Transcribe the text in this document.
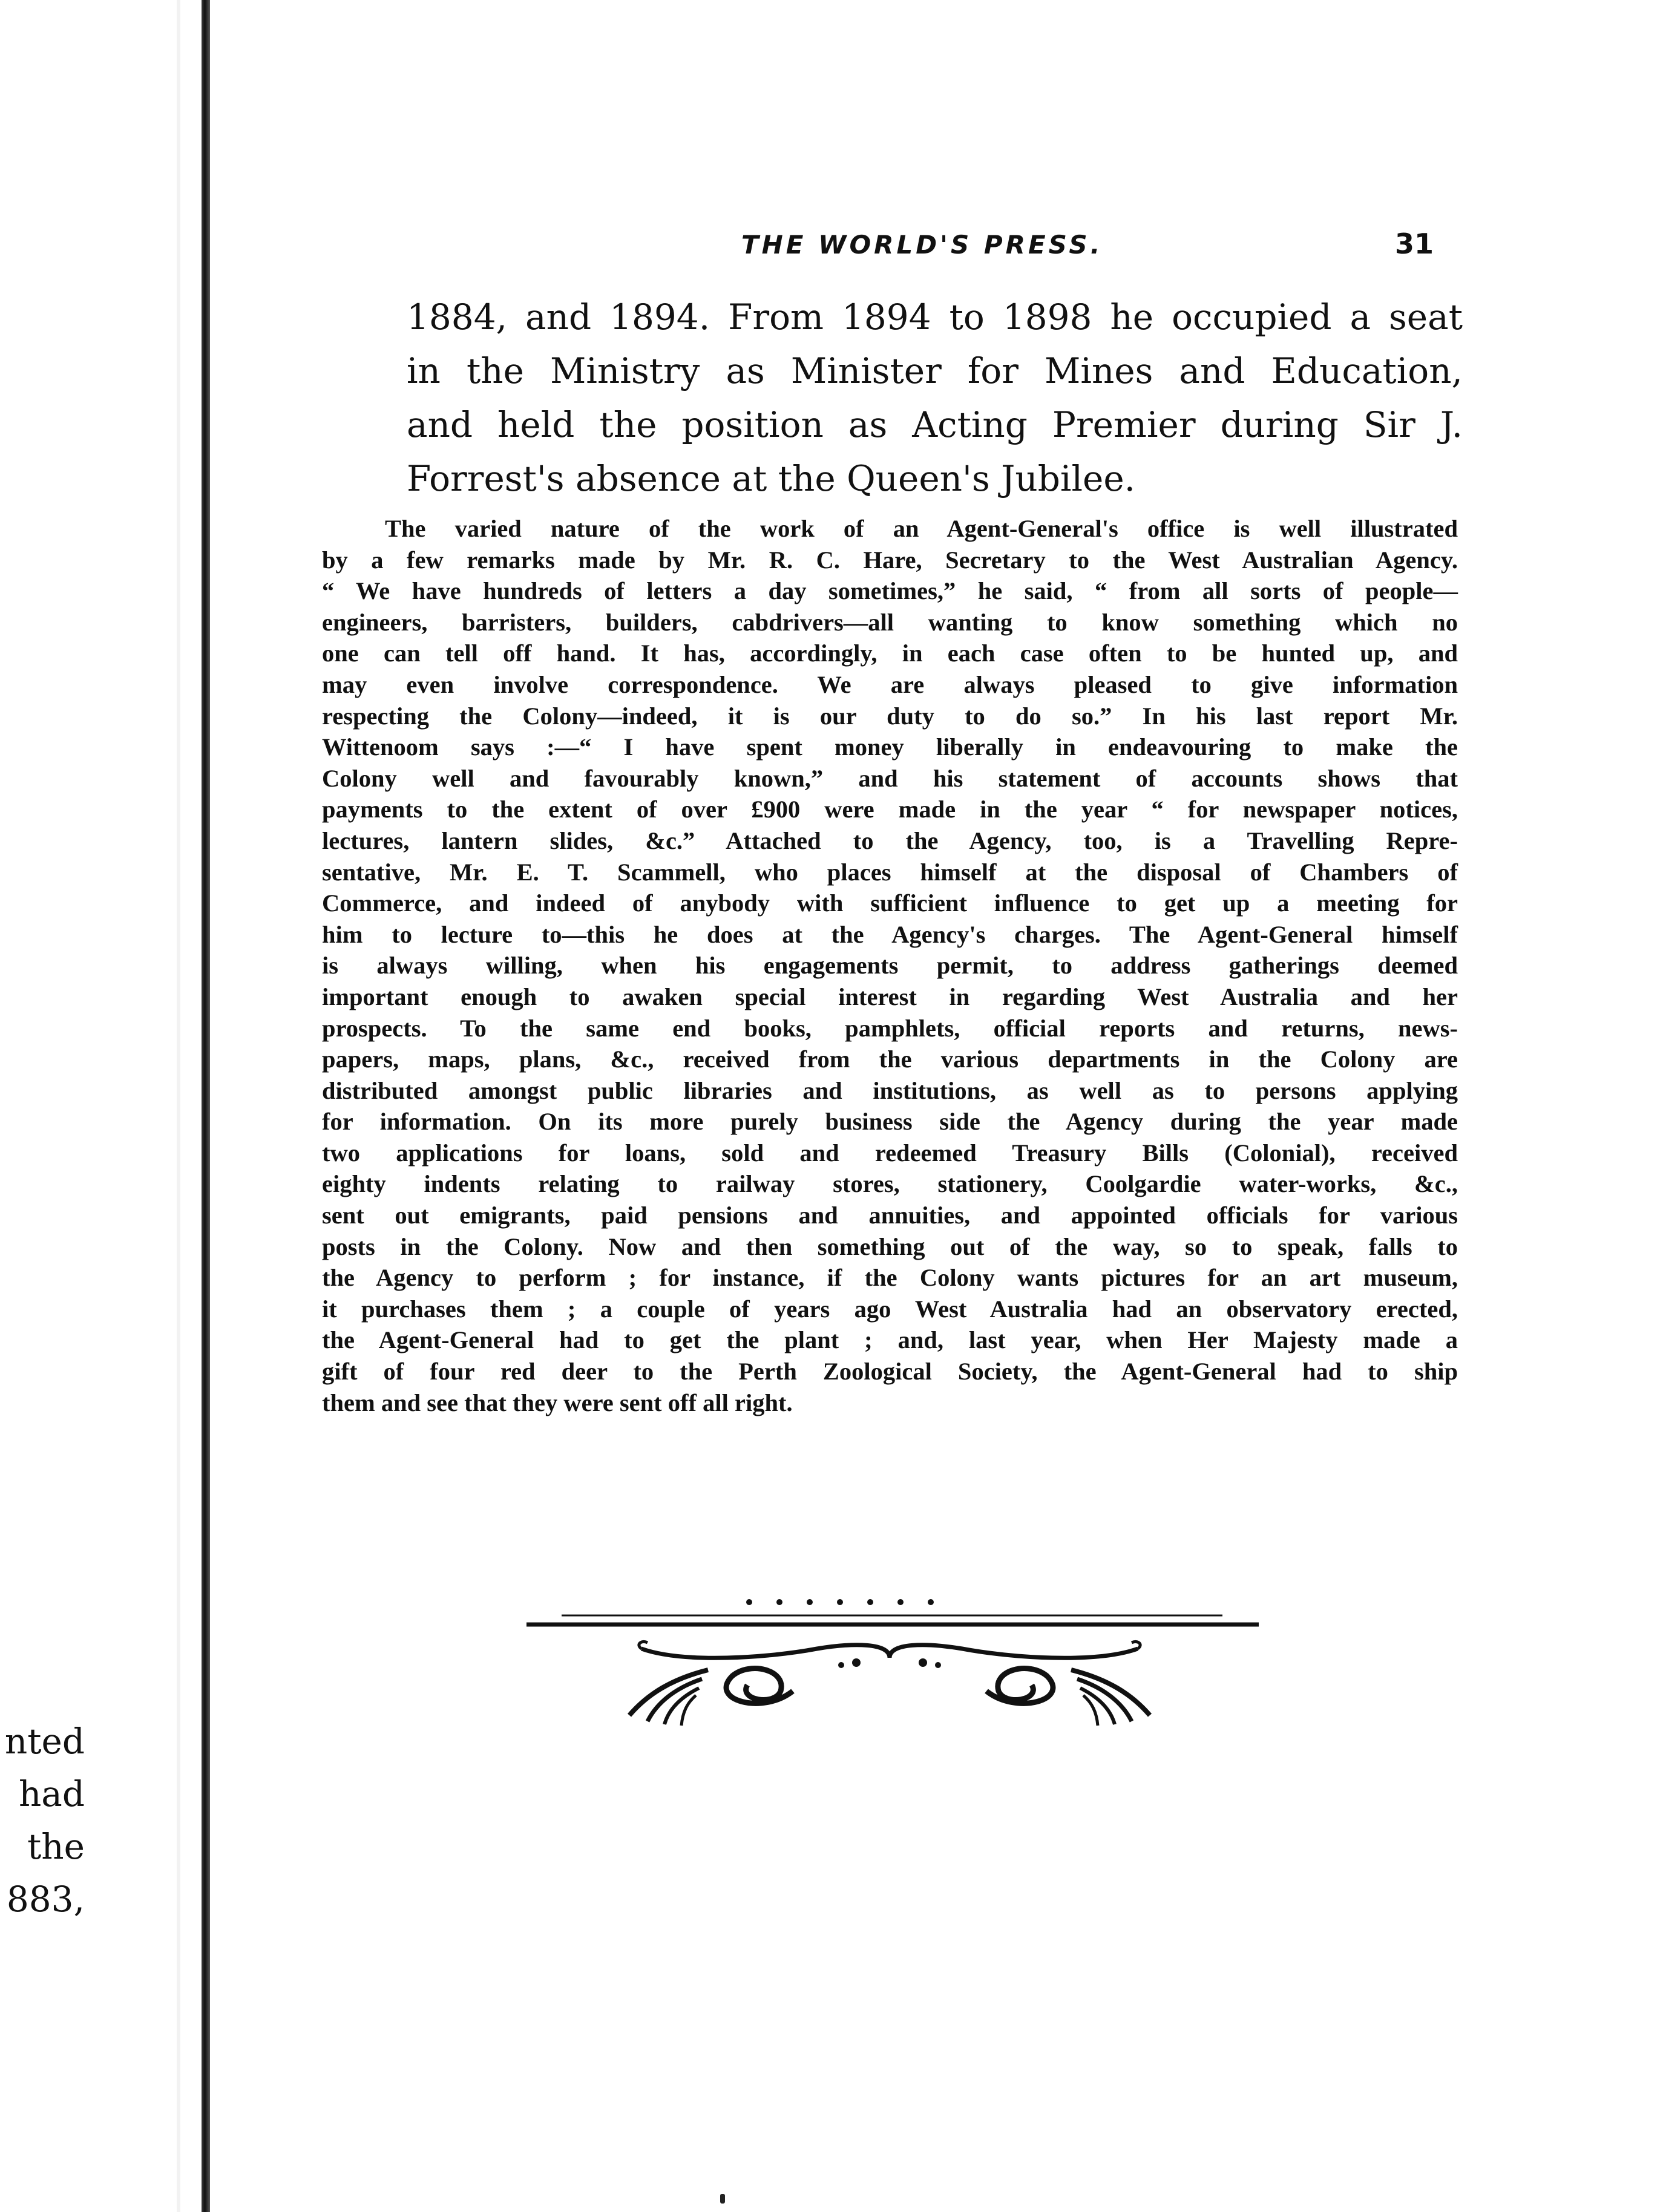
THE WORLD'S PRESS.	31
1884, and 1894. From 1894 to 1898 he occupied a seat
in the Ministry as Minister for Mines and Education,
and held the position as Acting Premier during Sir J.
Forrest's absence at the Queen's Jubilee.
The varied nature of the work of an Agent-General's office is well illustrated
by a few remarks made by Mr. R. C. Hare, Secretary to the West Australian Agency.
“ We have hundreds of letters a day sometimes,” he said, “ from all sorts of people—
engineers, barristers, builders, cabdrivers—all wanting to know something which no
one can tell off hand. It has, accordingly, in each case often to be hunted up, and
may even involve correspondence. We are always pleased to give information
respecting the Colony—indeed, it is our duty to do so.” In his last report Mr.
Wittenoom says :—“ I have spent money liberally in endeavouring to make the
Colony well and favourably known,” and his statement of accounts shows that
payments to the extent of over £900 were made in the year “ for newspaper notices,
lectures, lantern slides, &c.” Attached to the Agency, too, is a Travelling Repre-
sentative, Mr. E. T. Scammell, who places himself at the disposal of Chambers of
Commerce, and indeed of anybody with sufficient influence to get up a meeting for
him to lecture to—this he does at the Agency's charges. The Agent-General himself
is always willing, when his engagements permit, to address gatherings deemed
important enough to awaken special interest in regarding West Australia and her
prospects. To the same end books, pamphlets, official reports and returns, news-
papers, maps, plans, &c., received from the various departments in the Colony are
distributed amongst public libraries and institutions, as well as to persons applying
for information. On its more purely business side the Agency during the year made
two applications for loans, sold and redeemed Treasury Bills (Colonial), received
eighty indents relating to railway stores, stationery, Coolgardie water-works, &c.,
sent out emigrants, paid pensions and annuities, and appointed officials for various
posts in the Colony. Now and then something out of the way, so to speak, falls to
the Agency to perform ; for instance, if the Colony wants pictures for an art museum,
it purchases them ; a couple of years ago West Australia had an observatory erected,
the Agent-General had to get the plant ; and, last year, when Her Majesty made a
gift of four red deer to the Perth Zoological Society, the Agent-General had to ship
them and see that they were sent off all right.
nted
had
the
883,
